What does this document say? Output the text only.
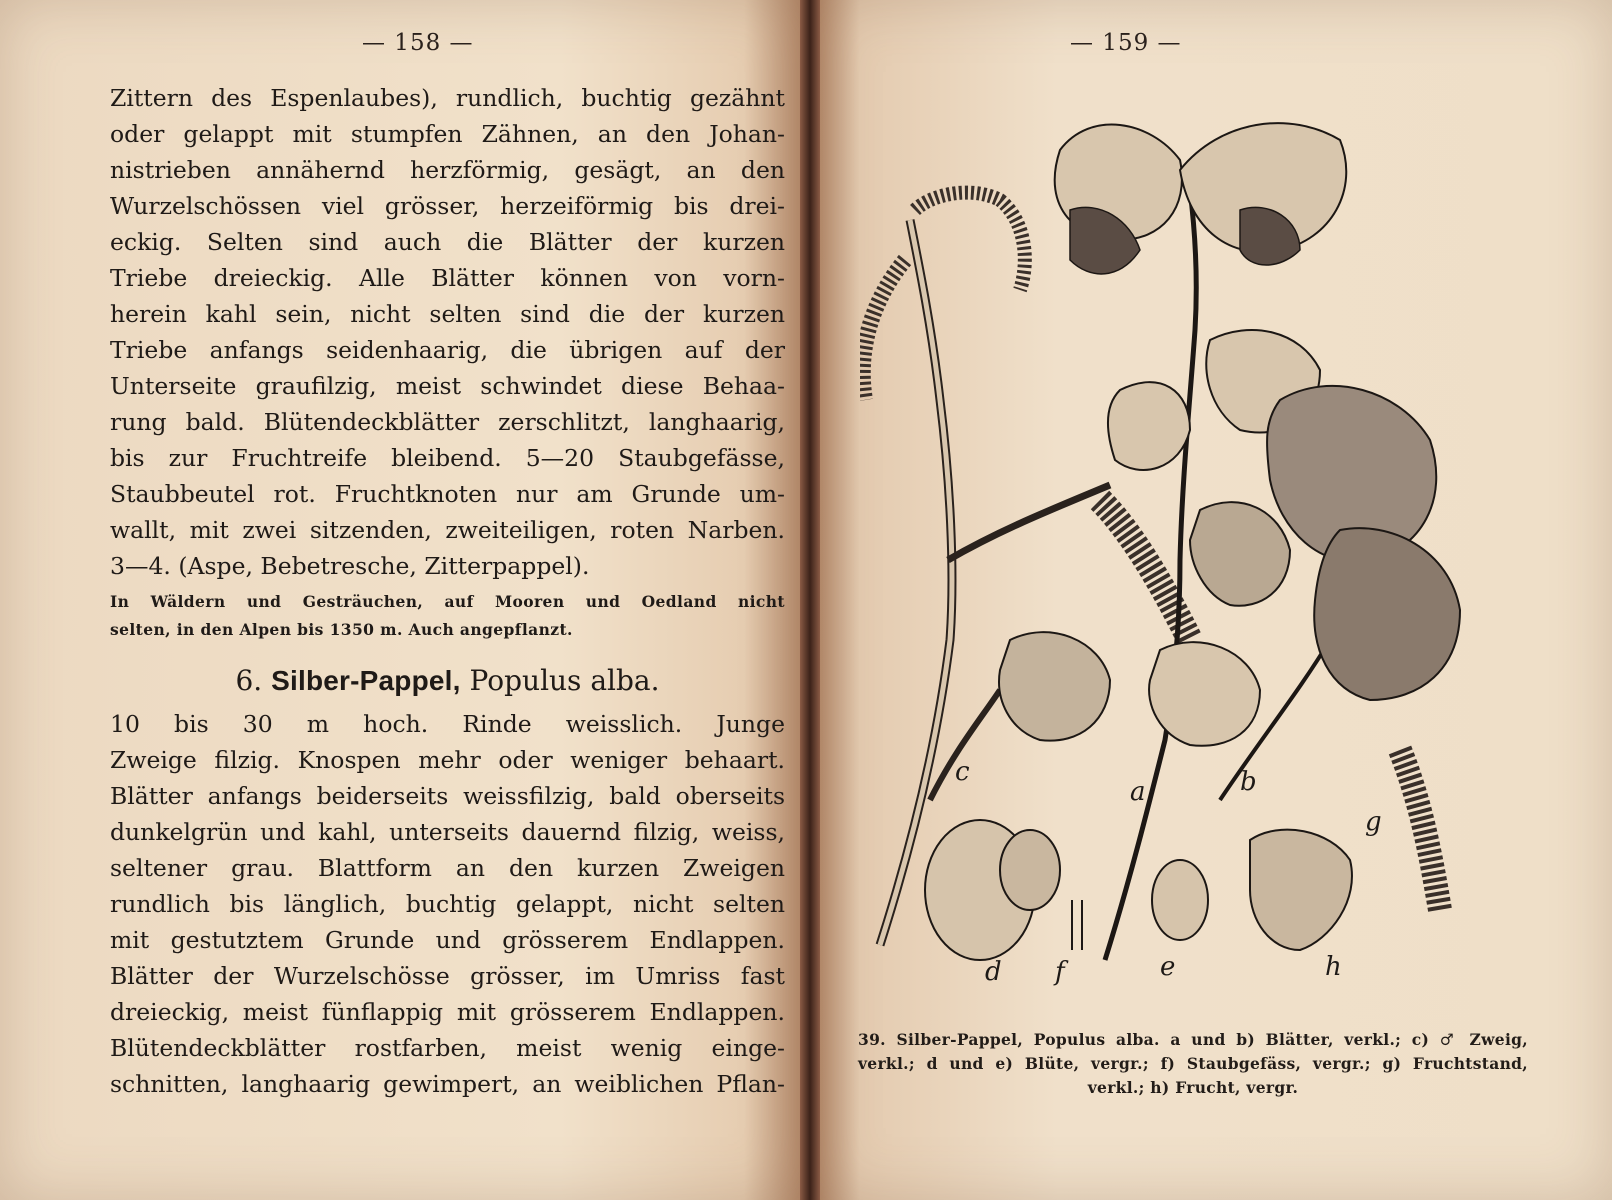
— 158 —

Zittern des Espenlaubes), rundlich, buchtig gezähnt
oder gelappt mit stumpfen Zähnen, an den Johan-
nistrieben annähernd herzförmig, gesägt, an den
Wurzelschössen viel grösser, herzeiförmig bis drei-
eckig. Selten sind auch die Blätter der kurzen
Triebe dreieckig. Alle Blätter können von vorn-
herein kahl sein, nicht selten sind die der kurzen
Triebe anfangs seidenhaarig, die übrigen auf der
Unterseite graufilzig, meist schwindet diese Behaa-
rung bald. Blütendeckblätter zerschlitzt, langhaarig,
bis zur Fruchtreife bleibend. 5—20 Staubgefässe,
Staubbeutel rot. Fruchtknoten nur am Grunde um-
wallt, mit zwei sitzenden, zweiteiligen, roten Narben.
3—4. (Aspe, Bebetresche, Zitterpappel).

In Wäldern und Gesträuchen, auf Mooren und Oedland nicht
selten, in den Alpen bis 1350 m. Auch angepflanzt.
6. Silber-Pappel, Populus alba.

10 bis 30 m hoch. Rinde weisslich. Junge
Zweige filzig. Knospen mehr oder weniger behaart.
Blätter anfangs beiderseits weissfilzig, bald oberseits
dunkelgrün und kahl, unterseits dauernd filzig, weiss,
seltener grau. Blattform an den kurzen Zweigen
rundlich bis länglich, buchtig gelappt, nicht selten
mit gestutztem Grunde und grösserem Endlappen.
Blätter der Wurzelschösse grösser, im Umriss fast
dreieckig, meist fünflappig mit grösserem Endlappen.
Blütendeckblätter rostfarben, meist wenig einge-
schnitten, langhaarig gewimpert, an weiblichen Pflan-

— 159 —
c
a	b
g
d f	e	h
39. Silber-Pappel, Populus alba. a und b) Blätter, verkl.; c) ♂ Zweig,
verkl.; d und e) Blüte, vergr.; f) Staubgefäss, vergr.; g) Fruchtstand,
verkl.; h) Frucht, vergr.
